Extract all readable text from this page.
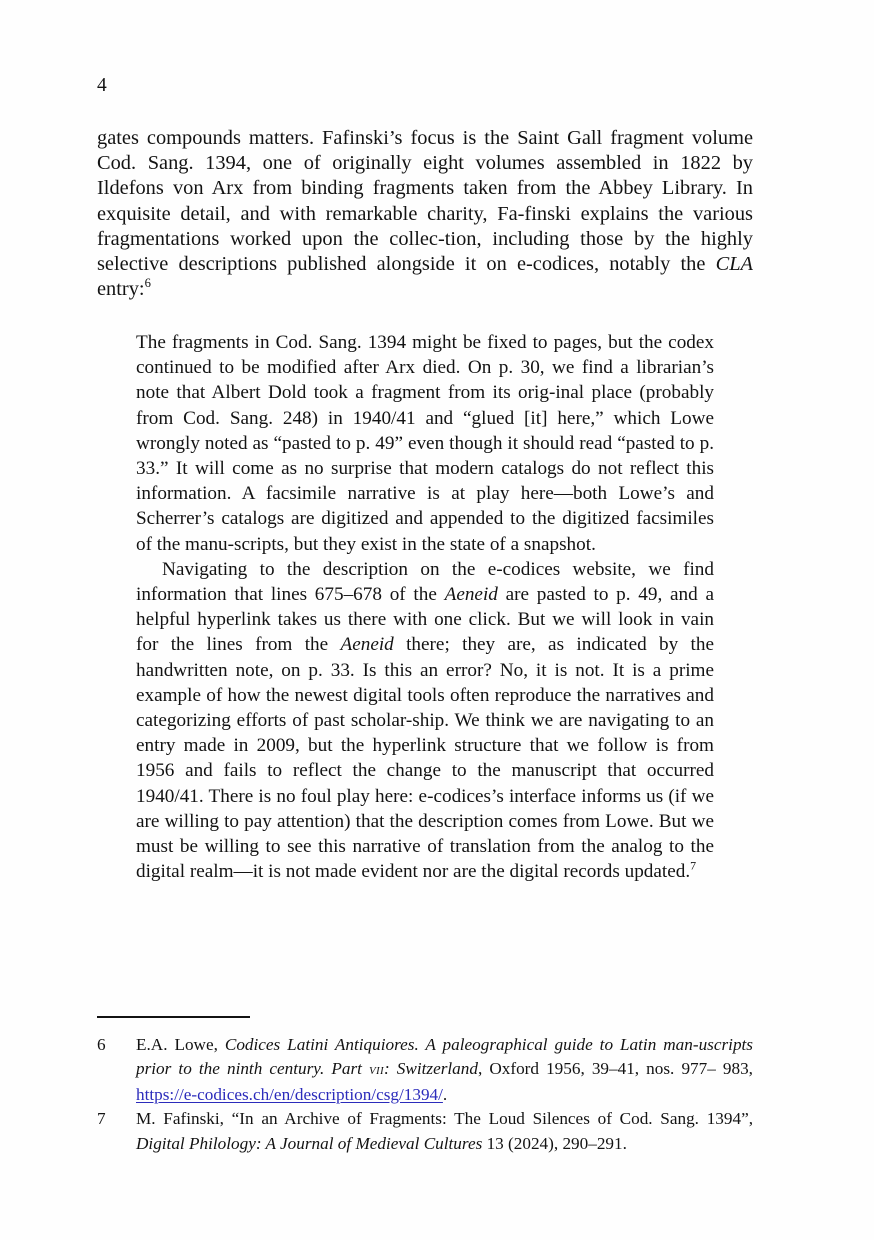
4

gates compounds matters. Fafinski’s focus is the Saint Gall fragment volume Cod. Sang. 1394, one of originally eight volumes assembled in 1822 by Ildefons von Arx from binding fragments taken from the Abbey Library. In exquisite detail, and with remarkable charity, Fa-finski explains the various fragmentations worked upon the collec-tion, including those by the highly selective descriptions published alongside it on e-codices, notably the CLA entry:$^6$

The fragments in Cod. Sang. 1394 might be fixed to pages, but the codex continued to be modified after Arx died. On p. 30, we find a librarian’s note that Albert Dold took a fragment from its orig-inal place (probably from Cod. Sang. 248) in 1940/41 and “glued [it] here,” which Lowe wrongly noted as “pasted to p. 49” even though it should read “pasted to p. 33.” It will come as no surprise that modern catalogs do not reflect this information. A facsimile narrative is at play here—both Lowe’s and Scherrer’s catalogs are digitized and appended to the digitized facsimiles of the manu-scripts, but they exist in the state of a snapshot.

Navigating to the description on the e-codices website, we find information that lines 675–678 of the Aeneid are pasted to p. 49, and a helpful hyperlink takes us there with one click. But we will look in vain for the lines from the Aeneid there; they are, as indicated by the handwritten note, on p. 33. Is this an error? No, it is not. It is a prime example of how the newest digital tools often reproduce the narratives and categorizing efforts of past scholar-ship. We think we are navigating to an entry made in 2009, but the hyperlink structure that we follow is from 1956 and fails to reflect the change to the manuscript that occurred 1940/41. There is no foul play here: e-codices’s interface informs us (if we are willing to pay attention) that the description comes from Lowe. But we must be willing to see this narrative of translation from the analog to the digital realm—it is not made evident nor are the digital records updated.$^7$

6	E.A. Lowe, Codices Latini Antiquiores. A paleographical guide to Latin man-uscripts prior to the ninth century. Part vii: Switzerland, Oxford 1956, 39–41, nos. 977– 983, https://e-codices.ch/en/description/csg/1394/.
7	M. Fafinski, “In an Archive of Fragments: The Loud Silences of Cod. Sang. 1394”, Digital Philology: A Journal of Medieval Cultures 13 (2024), 290–291.
